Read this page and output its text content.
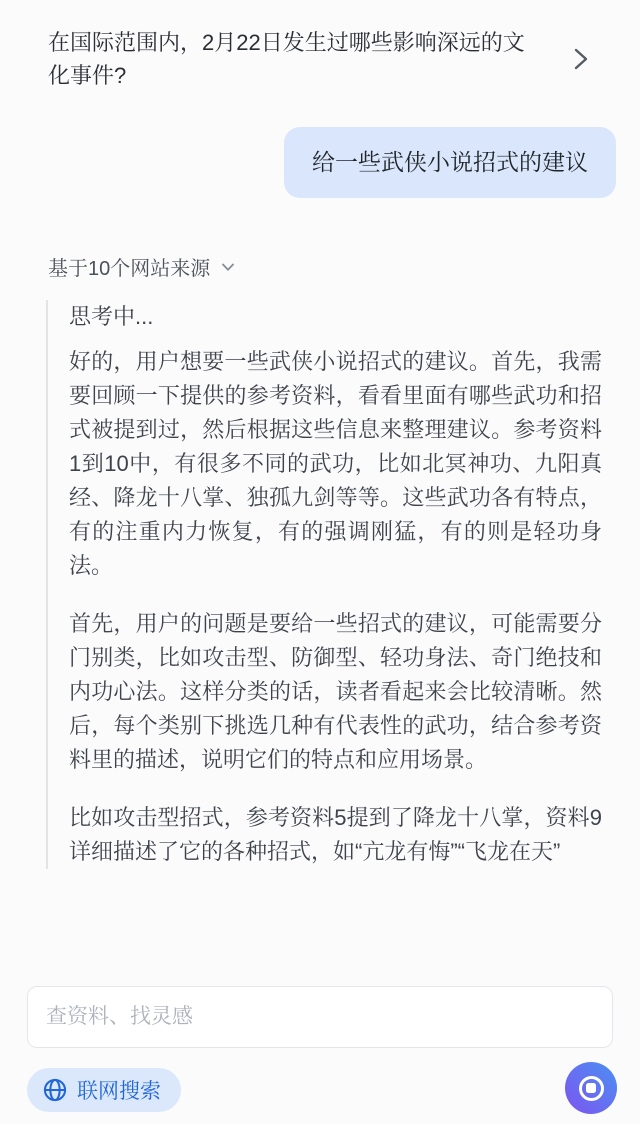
在国际范围内，2月22日发生过哪些影响深远的文化事件?
给一些武侠小说招式的建议
基于10个网站来源

思考中...

好的，用户想要一些武侠小说招式的建议。首先，我需要回顾一下提供的参考资料，看看里面有哪些武功和招式被提到过，然后根据这些信息来整理建议。参考资料1到10中，有很多不同的武功，比如北冥神功、九阳真经、降龙十八掌、独孤九剑等等。这些武功各有特点，有的注重内力恢复，有的强调刚猛，有的则是轻功身法。

首先，用户的问题是要给一些招式的建议，可能需要分门别类，比如攻击型、防御型、轻功身法、奇门绝技和内功心法。这样分类的话，读者看起来会比较清晰。然后，每个类别下挑选几种有代表性的武功，结合参考资料里的描述，说明它们的特点和应用场景。

比如攻击型招式，参考资料5提到了降龙十八掌，资料9详细描述了它的各种招式，如“亢龙有悔”“飞龙在天”

查资料、找灵感
联网搜索
